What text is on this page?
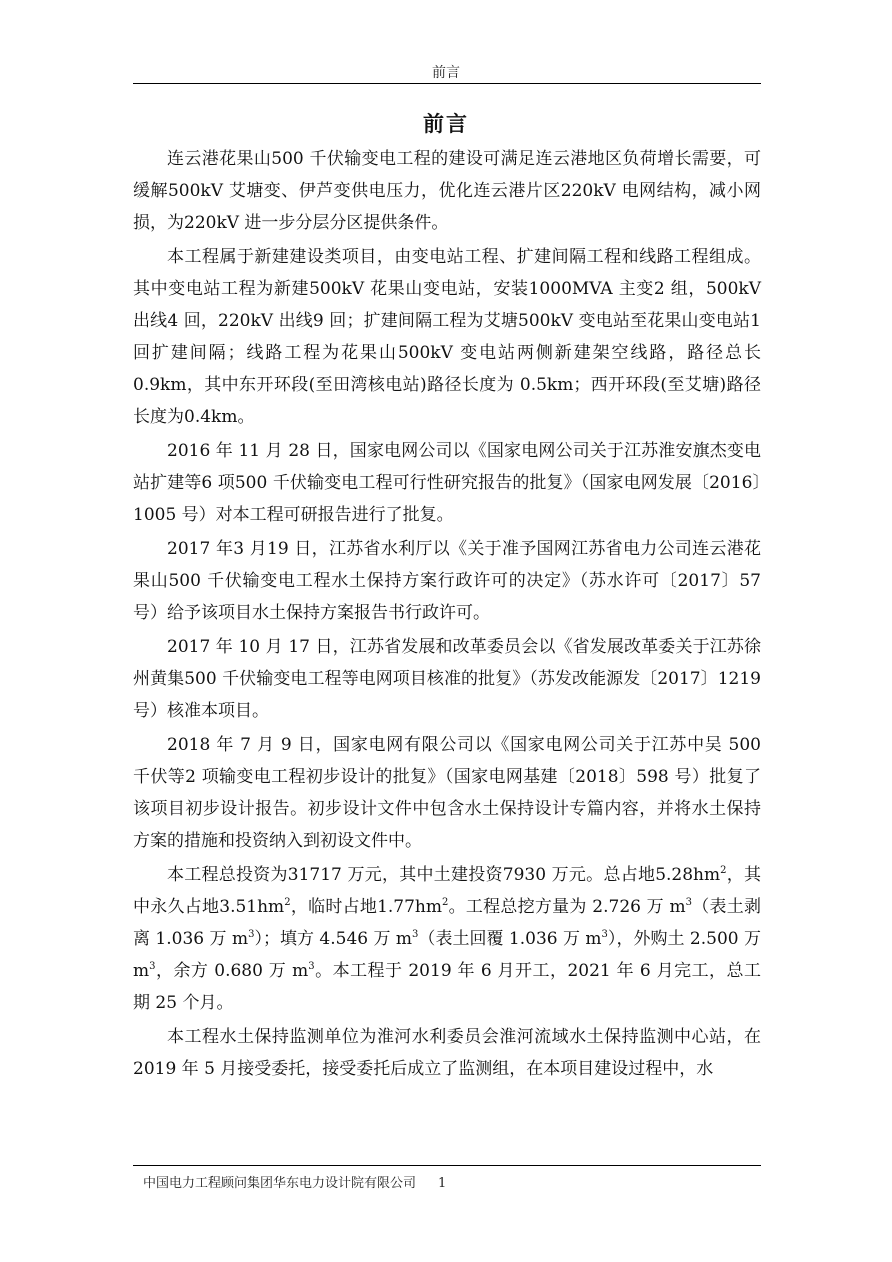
前言
前言

连云港花果山500 千伏输变电工程的建设可满足连云港地区负荷增长需要，可缓解500kV 艾塘变、伊芦变供电压力，优化连云港片区220kV 电网结构，减小网损，为220kV 进一步分层分区提供条件。

本工程属于新建建设类项目，由变电站工程、扩建间隔工程和线路工程组成。其中变电站工程为新建500kV 花果山变电站，安装1000MVA 主变2 组，500kV 出线4 回，220kV 出线9 回；扩建间隔工程为艾塘500kV 变电站至花果山变电站1 回扩建间隔；线路工程为花果山500kV 变电站两侧新建架空线路，路径总长 0.9km，其中东开环段(至田湾核电站)路径长度为 0.5km；西开环段(至艾塘)路径长度为0.4km。

2016 年 11 月 28 日，国家电网公司以《国家电网公司关于江苏淮安旗杰变电站扩建等6 项500 千伏输变电工程可行性研究报告的批复》（国家电网发展〔2016〕1005 号）对本工程可研报告进行了批复。

2017 年3 月19 日，江苏省水利厅以《关于准予国网江苏省电力公司连云港花果山500 千伏输变电工程水土保持方案行政许可的决定》（苏水许可〔2017〕57 号）给予该项目水土保持方案报告书行政许可。

2017 年 10 月 17 日，江苏省发展和改革委员会以《省发展改革委关于江苏徐州黄集500 千伏输变电工程等电网项目核准的批复》（苏发改能源发〔2017〕1219 号）核准本项目。

2018 年 7 月 9 日，国家电网有限公司以《国家电网公司关于江苏中吴 500 千伏等2 项输变电工程初步设计的批复》（国家电网基建〔2018〕598 号）批复了该项目初步设计报告。初步设计文件中包含水土保持设计专篇内容，并将水土保持方案的措施和投资纳入到初设文件中。

本工程总投资为31717 万元，其中土建投资7930 万元。总占地$5.28hm^2$，其中永久占地$3.51hm^2$，临时占地$1.77hm^2$。工程总挖方量为 2.726 万 $m^3$（表土剥离 1.036 万 $m^3$）；填方 4.546 万 $m^3$（表土回覆 1.036 万 $m^3$），外购土 2.500 万 $m^3$，余方 0.680 万 $m^3$。本工程于 2019 年 6 月开工，2021 年 6 月完工，总工期 25 个月。

本工程水土保持监测单位为淮河水利委员会淮河流域水土保持监测中心站，在 2019 年 5 月接受委托，接受委托后成立了监测组，在本项目建设过程中，水

中国电力工程顾问集团华东电力设计院有限公司 1
